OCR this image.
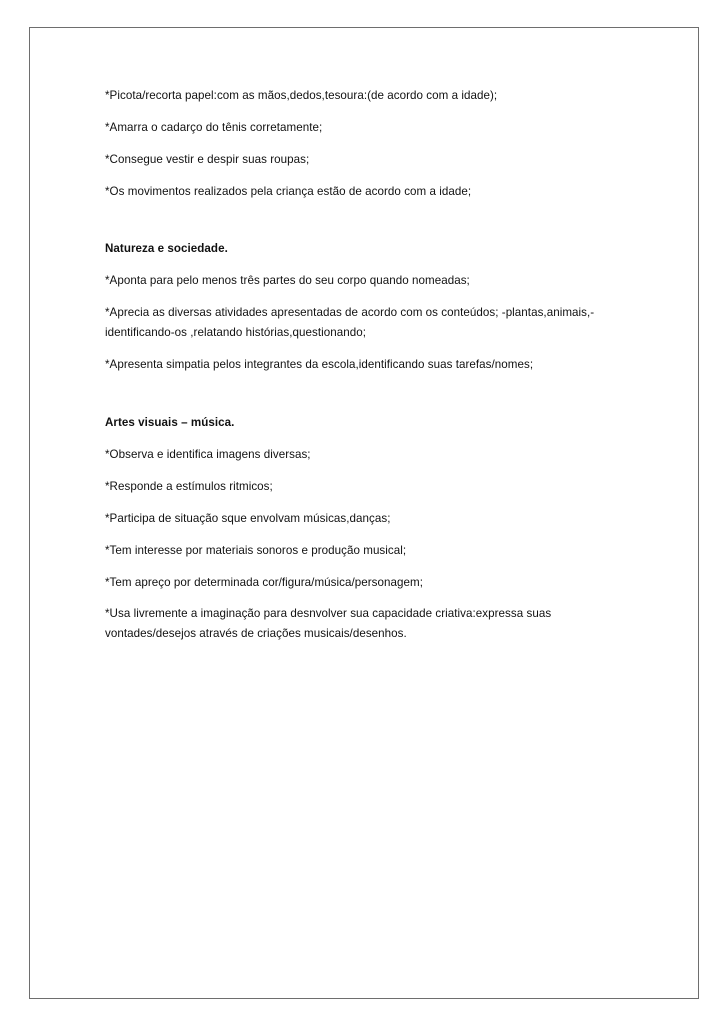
*Picota/recorta papel:com as mãos,dedos,tesoura:(de acordo com a idade);
*Amarra o cadarço do tênis corretamente;
*Consegue vestir e despir suas roupas;
*Os movimentos realizados pela criança estão de acordo com a idade;
Natureza e sociedade.
*Aponta para pelo menos três partes do seu corpo quando nomeadas;
*Aprecia as diversas atividades apresentadas de acordo com os conteúdos; -plantas,animais,-
identificando-os ,relatando histórias,questionando;
*Apresenta simpatia pelos integrantes da escola,identificando suas tarefas/nomes;
Artes visuais – música.
*Observa e identifica imagens diversas;
*Responde a estímulos ritmicos;
*Participa de situação sque envolvam músicas,danças;
*Tem interesse por materiais sonoros e produção musical;
*Tem apreço por determinada cor/figura/música/personagem;
*Usa livremente a imaginação para desnvolver sua capacidade criativa:expressa suas
vontades/desejos através de criações musicais/desenhos.
